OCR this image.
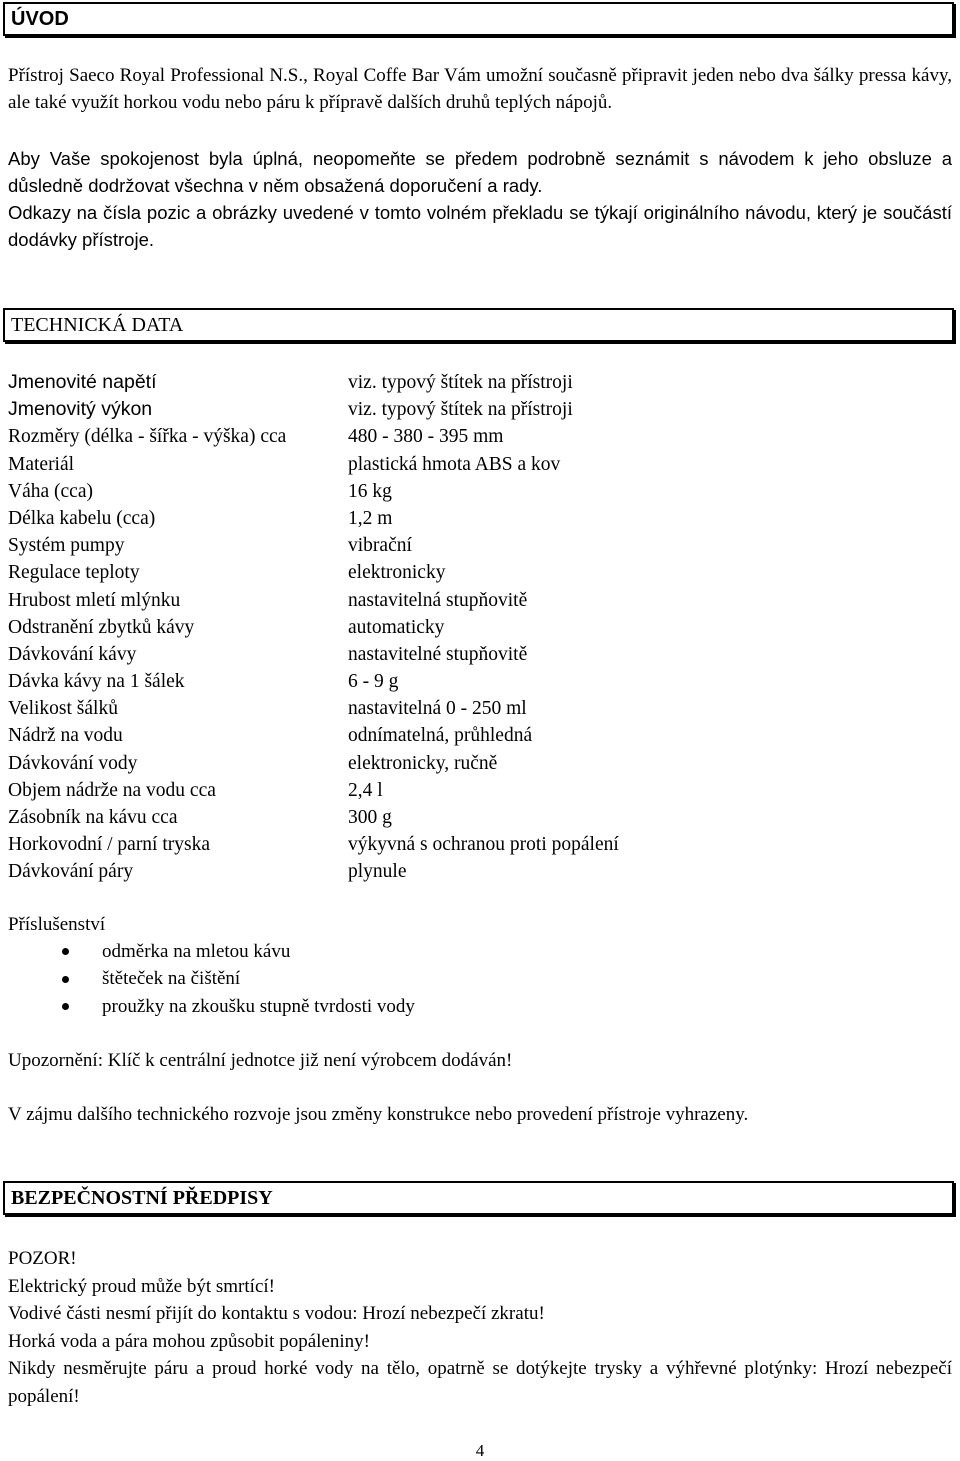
ÚVOD
Přístroj Saeco Royal Professional N.S., Royal Coffe Bar Vám umožní současně připravit jeden nebo dva šálky pressa kávy, ale také využít horkou vodu nebo páru k přípravě dalších druhů teplých nápojů.
Aby Vaše spokojenost byla úplná, neopomeňte se předem podrobně seznámit s návodem k jeho obsluze a důsledně dodržovat všechna v něm obsažená doporučení a rady.
Odkazy na čísla pozic a obrázky uvedené v tomto volném překladu se týkají originálního návodu, který je součástí dodávky přístroje.
TECHNICKÁ DATA
Jmenovité napětí	viz. typový štítek na přístroji
Jmenovitý výkon	viz. typový štítek na přístroji
Rozměry (délka - šířka - výška) cca	480 - 380 - 395 mm
Materiál	plastická hmota ABS a kov
Váha (cca)	16 kg
Délka kabelu (cca)	1,2 m
Systém pumpy	vibrační
Regulace teploty	elektronicky
Hrubost mletí mlýnku	nastavitelná stupňovitě
Odstranění zbytků kávy	automaticky
Dávkování kávy	nastavitelné stupňovitě
Dávka kávy na 1 šálek	6 - 9 g
Velikost šálků	nastavitelná 0 - 250 ml
Nádrž na vodu	odnímatelná, průhledná
Dávkování vody	elektronicky, ručně
Objem nádrže na vodu cca	2,4 l
Zásobník na kávu cca	300 g
Horkovodní / parní tryska	výkyvná s ochranou proti popálení
Dávkování páry	plynule
Příslušenství
odměrka na mletou kávu
štěteček na čištění
proužky na zkoušku stupně tvrdosti vody
Upozornění: Klíč k centrální jednotce již není výrobcem dodáván!
V zájmu dalšího technického rozvoje jsou změny konstrukce nebo provedení přístroje vyhrazeny.
BEZPEČNOSTNÍ PŘEDPISY
POZOR!
Elektrický proud může být smrtící!
Vodivé části nesmí přijít do kontaktu s vodou: Hrozí nebezpečí zkratu!
Horká voda a pára mohou způsobit popáleniny!
Nikdy nesměrujte páru a proud horké vody na tělo, opatrně se dotýkejte trysky a výhřevné plotýnky: Hrozí nebezpečí popálení!
4
